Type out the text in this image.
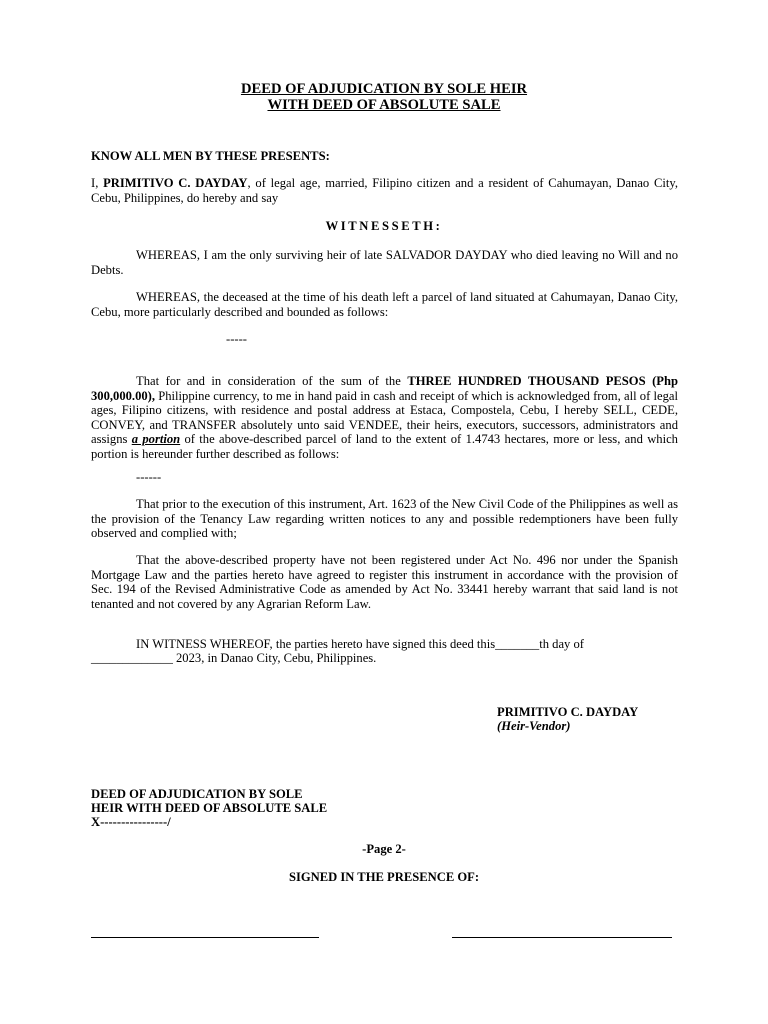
DEED OF ADJUDICATION BY SOLE HEIR

WITH DEED OF ABSOLUTE SALE

KNOW ALL MEN BY THESE PRESENTS:

I, PRIMITIVO C. DAYDAY, of legal age, married, Filipino citizen and a resident of Cahumayan, Danao City, Cebu, Philippines, do hereby and say

WITNESSETH:

WHEREAS, I am the only surviving heir of late SALVADOR DAYDAY who died leaving no Will and no Debts.

WHEREAS, the deceased at the time of his death left a parcel of land situated at Cahumayan, Danao City, Cebu, more particularly described and bounded as follows:

-----

That for and in consideration of the sum of the THREE HUNDRED THOUSAND PESOS (Php 300,000.00), Philippine currency, to me in hand paid in cash and receipt of which is acknowledged from, all of legal ages, Filipino citizens, with residence and postal address at Estaca, Compostela, Cebu, I hereby SELL, CEDE, CONVEY, and TRANSFER absolutely unto said VENDEE, their heirs, executors, successors, administrators and assigns a portion of the above-described parcel of land to the extent of 1.4743 hectares, more or less, and which portion is hereunder further described as follows:

------

That prior to the execution of this instrument, Art. 1623 of the New Civil Code of the Philippines as well as the provision of the Tenancy Law regarding written notices to any and possible redemptioners have been fully observed and complied with;

That the above-described property have not been registered under Act No. 496 nor under the Spanish Mortgage Law and the parties hereto have agreed to register this instrument in accordance with the provision of Sec. 194 of the Revised Administrative Code as amended by Act No. 33441 hereby warrant that said land is not tenanted and not covered by any Agrarian Reform Law.

IN WITNESS WHEREOF, the parties hereto have signed this deed this_______th day of

_____________ 2023, in Danao City, Cebu, Philippines.

PRIMITIVO C. DAYDAY

(Heir-Vendor)

DEED OF ADJUDICATION BY SOLE

HEIR WITH DEED OF ABSOLUTE SALE

X----------------/

-Page 2-

SIGNED IN THE PRESENCE OF:
